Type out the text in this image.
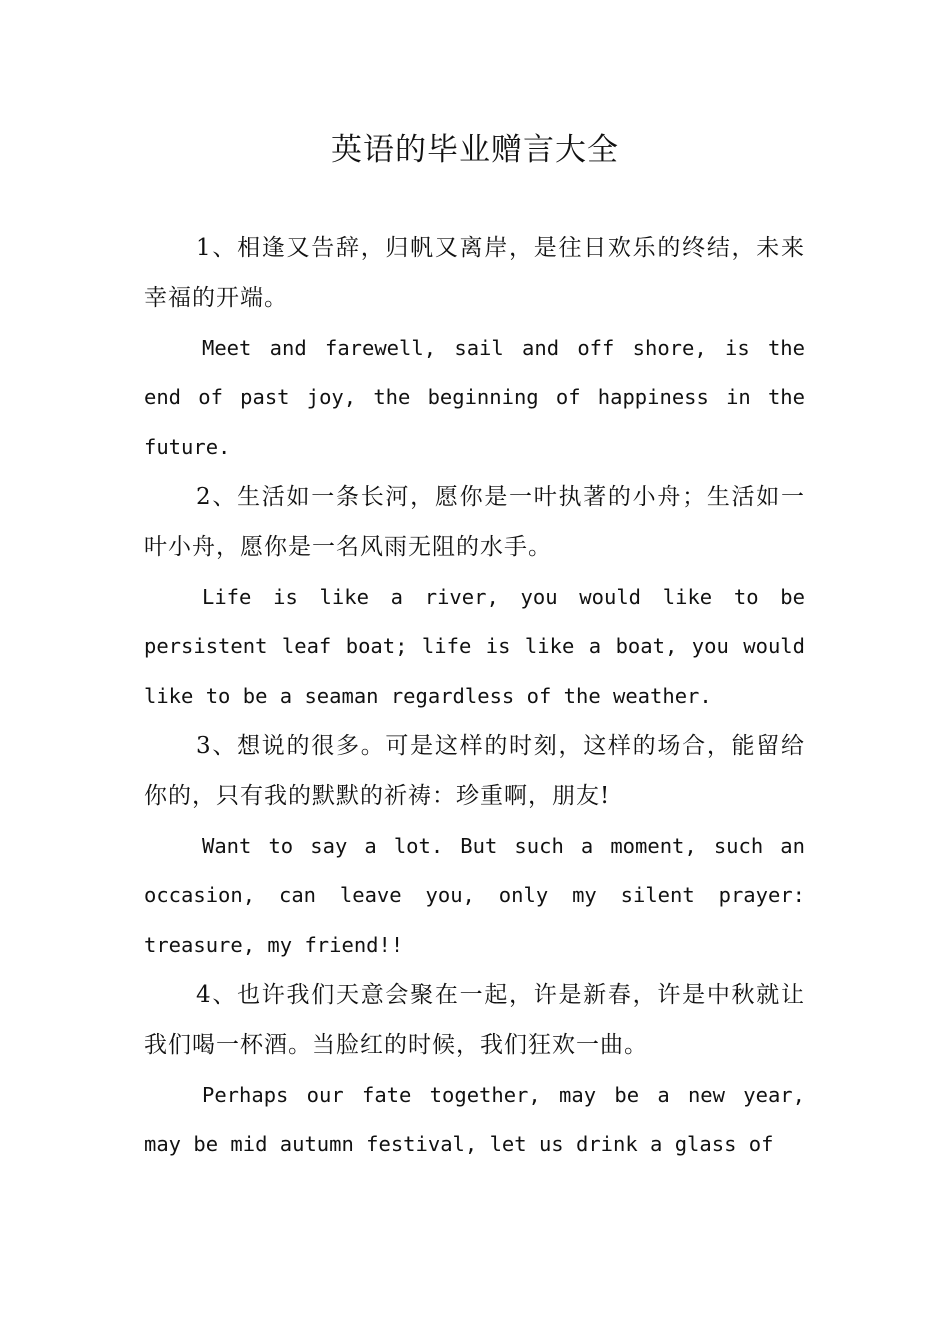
英语的毕业赠言大全

1、相逢又告辞，归帆又离岸，是往日欢乐的终结，未来幸福的开端。

Meet and farewell, sail and off shore, is the end of past joy, the beginning of happiness in the future.

2、生活如一条长河，愿你是一叶执著的小舟；生活如一叶小舟，愿你是一名风雨无阻的水手。

Life is like a river, you would like to be persistent leaf boat; life is like a boat, you would like to be a seaman regardless of the weather.

3、想说的很多。可是这样的时刻，这样的场合，能留给你的，只有我的默默的祈祷：珍重啊，朋友!

Want to say a lot. But such a moment, such an occasion, can leave you, only my silent prayer: treasure, my friend!!

4、也许我们天意会聚在一起，许是新春，许是中秋就让我们喝一杯酒。当脸红的时候，我们狂欢一曲。

Perhaps our fate together, may be a new year, may be mid autumn festival, let us drink a glass of
